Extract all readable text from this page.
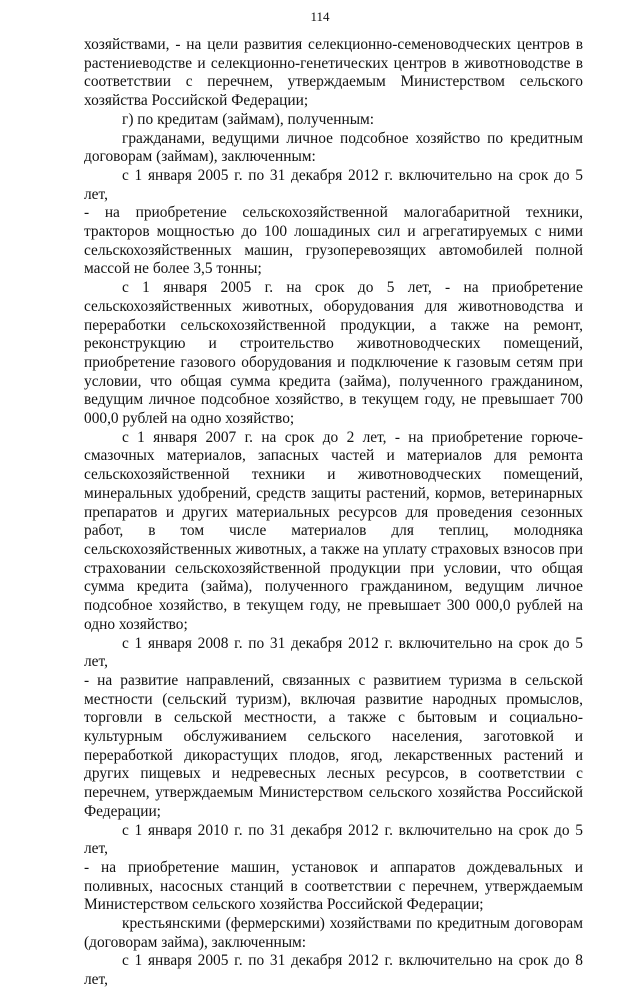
114

хозяйствами, - на цели развития селекционно-семеноводческих центров в растениеводстве и селекционно-генетических центров в животноводстве в соответствии с перечнем, утверждаемым Министерством сельского хозяйства Российской Федерации;

г) по кредитам (займам), полученным:

гражданами, ведущими личное подсобное хозяйство по кредитным договорам (займам), заключенным:

с 1 января 2005 г. по 31 декабря 2012 г. включительно на срок до 5 лет,

- на приобретение сельскохозяйственной малогабаритной техники, тракторов мощностью до 100 лошадиных сил и агрегатируемых с ними сельскохозяйственных машин, грузоперевозящих автомобилей полной массой не более 3,5 тонны;

с 1 января 2005 г. на срок до 5 лет, - на приобретение сельскохозяйственных животных, оборудования для животноводства и переработки сельскохозяйственной продукции, а также на ремонт, реконструкцию и строительство животноводческих помещений, приобретение газового оборудования и подключение к газовым сетям при условии, что общая сумма кредита (займа), полученного гражданином, ведущим личное подсобное хозяйство, в текущем году, не превышает 700 000,0 рублей на одно хозяйство;

с 1 января 2007 г. на срок до 2 лет, - на приобретение горюче-смазочных материалов, запасных частей и материалов для ремонта сельскохозяйственной техники и животноводческих помещений, минеральных удобрений, средств защиты растений, кормов, ветеринарных препаратов и других материальных ресурсов для проведения сезонных работ, в том числе материалов для теплиц, молодняка сельскохозяйственных животных, а также на уплату страховых взносов при страховании сельскохозяйственной продукции при условии, что общая сумма кредита (займа), полученного гражданином, ведущим личное подсобное хозяйство, в текущем году, не превышает 300 000,0 рублей на одно хозяйство;

с 1 января 2008 г. по 31 декабря 2012 г. включительно на срок до 5 лет,

- на развитие направлений, связанных с развитием туризма в сельской местности (сельский туризм), включая развитие народных промыслов, торговли в сельской местности, а также с бытовым и социально-культурным обслуживанием сельского населения, заготовкой и переработкой дикорастущих плодов, ягод, лекарственных растений и других пищевых и недревесных лесных ресурсов, в соответствии с перечнем, утверждаемым Министерством сельского хозяйства Российской Федерации;

с 1 января 2010 г. по 31 декабря 2012 г. включительно на срок до 5 лет,

- на приобретение машин, установок и аппаратов дождевальных и поливных, насосных станций в соответствии с перечнем, утверждаемым Министерством сельского хозяйства Российской Федерации;

крестьянскими (фермерскими) хозяйствами по кредитным договорам (договорам займа), заключенным:

с 1 января 2005 г. по 31 декабря 2012 г. включительно на срок до 8 лет,
